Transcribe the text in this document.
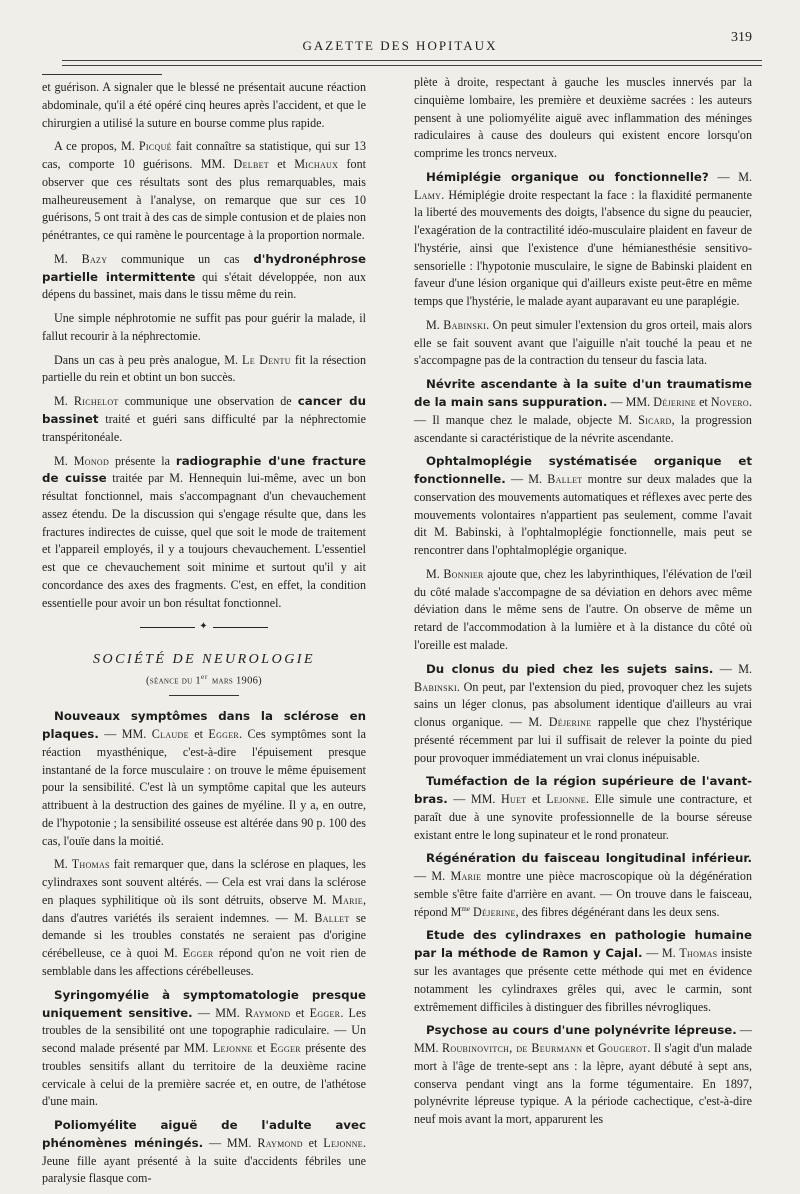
GAZETTE DES HOPITAUX
319

et guérison. A signaler que le blessé ne présentait aucune réaction abdominale, qu'il a été opéré cinq heures après l'accident, et que le chirurgien a utilisé la suture en bourse comme plus rapide.

A ce propos, M. Picqué fait connaître sa statistique, qui sur 13 cas, comporte 10 guérisons. MM. Delbet et Michaux font observer que ces résultats sont des plus remarquables, mais malheureusement à l'analyse, on remarque que sur ces 10 guérisons, 5 ont trait à des cas de simple contusion et de plaies non pénétrantes, ce qui ramène le pourcentage à la proportion normale.

M. Bazy communique un cas d'hydronéphrose partielle intermittente qui s'était développée, non aux dépens du bassinet, mais dans le tissu même du rein.

Une simple néphrotomie ne suffit pas pour guérir la malade, il fallut recourir à la néphrectomie.

Dans un cas à peu près analogue, M. Le Dentu fit la résection partielle du rein et obtint un bon succès.

M. Richelot communique une observation de cancer du bassinet traité et guéri sans difficulté par la néphrectomie transpéritonéale.

M. Monod présente la radiographie d'une fracture de cuisse traitée par M. Hennequin lui-même, avec un bon résultat fonctionnel, mais s'accompagnant d'un chevauchement assez étendu. De la discussion qui s'engage résulte que, dans les fractures indirectes de cuisse, quel que soit le mode de traitement et l'appareil employés, il y a toujours chevauchement. L'essentiel est que ce chevauchement soit minime et surtout qu'il y ait concordance des axes des fragments. C'est, en effet, la condition essentielle pour avoir un bon résultat fonctionnel.

✦
SOCIÉTÉ DE NEUROLOGIE
(séance du 1er mars 1906)

Nouveaux symptômes dans la sclérose en plaques. — MM. Claude et Egger. Ces symptômes sont la réaction myasthénique, c'est-à-dire l'épuisement presque instantané de la force musculaire : on trouve le même épuisement pour la sensibilité. C'est là un symptôme capital que les auteurs attribuent à la destruction des gaines de myéline. Il y a, en outre, de l'hypotonie ; la sensibilité osseuse est altérée dans 90 p. 100 des cas, l'ouïe dans la moitié.

M. Thomas fait remarquer que, dans la sclérose en plaques, les cylindraxes sont souvent altérés. — Cela est vrai dans la sclérose en plaques syphilitique où ils sont détruits, observe M. Marie, dans d'autres variétés ils seraient indemnes. — M. Ballet se demande si les troubles constatés ne seraient pas d'origine cérébelleuse, ce à quoi M. Egger répond qu'on ne voit rien de semblable dans les affections cérébelleuses.

Syringomyélie à symptomatologie presque uniquement sensitive. — MM. Raymond et Egger. Les troubles de la sensibilité ont une topographie radiculaire. — Un second malade présenté par MM. Lejonne et Egger présente des troubles sensitifs allant du territoire de la deuxième racine cervicale à celui de la première sacrée et, en outre, de l'athétose d'une main.

Poliomyélite aiguë de l'adulte avec phénomènes méningés. — MM. Raymond et Lejonne. Jeune fille ayant présenté à la suite d'accidents fébriles une paralysie flasque com-

plète à droite, respectant à gauche les muscles innervés par la cinquième lombaire, les première et deuxième sacrées : les auteurs pensent à une poliomyélite aiguë avec inflammation des méninges radiculaires à cause des douleurs qui existent encore lorsqu'on comprime les troncs nerveux.

Hémiplégie organique ou fonctionnelle? — M. Lamy. Hémiplégie droite respectant la face : la flaxidité permanente la liberté des mouvements des doigts, l'absence du signe du peaucier, l'exagération de la contractilité idéo-musculaire plaident en faveur de l'hystérie, ainsi que l'existence d'une hémianesthésie sensitivo-sensorielle : l'hypotonie musculaire, le signe de Babinski plaident en faveur d'une lésion organique qui d'ailleurs existe peut-être en même temps que l'hystérie, le malade ayant auparavant eu une paraplégie.

M. Babinski. On peut simuler l'extension du gros orteil, mais alors elle se fait souvent avant que l'aiguille n'ait touché la peau et ne s'accompagne pas de la contraction du tenseur du fascia lata.

Névrite ascendante à la suite d'un traumatisme de la main sans suppuration. — MM. Déjerine et Novero. — Il manque chez le malade, objecte M. Sicard, la progression ascendante si caractéristique de la névrite ascendante.

Ophtalmoplégie systématisée organique et fonctionnelle. — M. Ballet montre sur deux malades que la conservation des mouvements automatiques et réflexes avec perte des mouvements volontaires n'appartient pas seulement, comme l'avait dit M. Babinski, à l'ophtalmoplégie fonctionnelle, mais peut se rencontrer dans l'ophtalmoplégie organique.

M. Bonnier ajoute que, chez les labyrinthiques, l'élévation de l'œil du côté malade s'accompagne de sa déviation en dehors avec même déviation dans le même sens de l'autre. On observe de même un retard de l'accommodation à la lumière et à la distance du côté où l'oreille est malade.

Du clonus du pied chez les sujets sains. — M. Babinski. On peut, par l'extension du pied, provoquer chez les sujets sains un léger clonus, pas absolument identique d'ailleurs au vrai clonus organique. — M. Déjerine rappelle que chez l'hystérique présenté récemment par lui il suffisait de relever la pointe du pied pour provoquer immédiatement un vrai clonus inépuisable.

Tuméfaction de la région supérieure de l'avant-bras. — MM. Huet et Lejonne. Elle simule une contracture, et paraît due à une synovite professionnelle de la bourse séreuse existant entre le long supinateur et le rond pronateur.

Régénération du faisceau longitudinal inférieur. — M. Marie montre une pièce macroscopique où la dégénération semble s'être faite d'arrière en avant. — On trouve dans le faisceau, répond $M^{me}$ Déjerine, des fibres dégénérant dans les deux sens.

Etude des cylindraxes en pathologie humaine par la méthode de Ramon y Cajal. — M. Thomas insiste sur les avantages que présente cette méthode qui met en évidence notamment les cylindraxes grêles qui, avec le carmin, sont extrêmement difficiles à distinguer des fibrilles névrogliques.

Psychose au cours d'une polynévrite lépreuse. — MM. Roubinovitch, de Beurmann et Gougerot. Il s'agit d'un malade mort à l'âge de trente-sept ans : la lèpre, ayant débuté à sept ans, conserva pendant vingt ans la forme tégumentaire. En 1897, polynévrite lépreuse typique. A la période cachectique, c'est-à-dire neuf mois avant la mort, apparurent les
